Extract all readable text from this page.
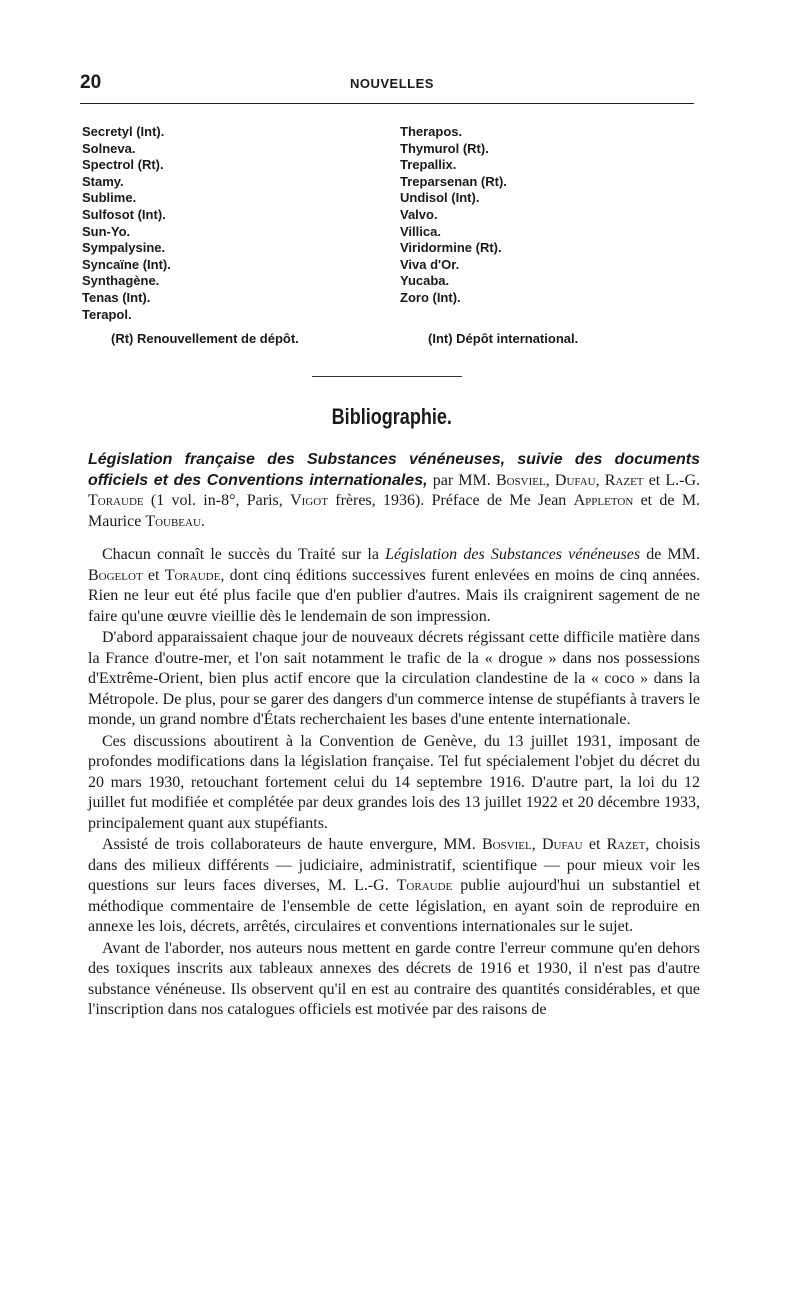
20	NOUVELLES
Secretyl (Int).
Solneva.
Spectrol (Rt).
Stamy.
Sublime.
Sulfosot (Int).
Sun-Yo.
Sympalysine.
Syncaïne (Int).
Synthagène.
Tenas (Int).
Terapol.
Therapos.
Thymurol (Rt).
Trepallix.
Treparsenan (Rt).
Undisol (Int).
Valvo.
Villica.
Viridormine (Rt).
Viva d'Or.
Yucaba.
Zoro (Int).
(Rt) Renouvellement de dépôt.	(Int) Dépôt international.
Bibliographie.

Législation française des Substances vénéneuses, suivie des documents officiels et des Conventions internationales, par MM. Bosviel, Dufau, Razet et L.-G. Toraude (1 vol. in-8°, Paris, Vigot frères, 1936). Préface de Me Jean Appleton et de M. Maurice Toubeau.

Chacun connaît le succès du Traité sur la Législation des Substances vénéneuses de MM. Bogelot et Toraude, dont cinq éditions successives furent enlevées en moins de cinq années. Rien ne leur eut été plus facile que d'en publier d'autres. Mais ils craignirent sagement de ne faire qu'une œuvre vieillie dès le lendemain de son impression.

D'abord apparaissaient chaque jour de nouveaux décrets régissant cette difficile matière dans la France d'outre-mer, et l'on sait notamment le trafic de la « drogue » dans nos possessions d'Extrême-Orient, bien plus actif encore que la circulation clandestine de la « coco » dans la Métropole. De plus, pour se garer des dangers d'un commerce intense de stupéfiants à travers le monde, un grand nombre d'États recherchaient les bases d'une entente internationale.

Ces discussions aboutirent à la Convention de Genève, du 13 juillet 1931, imposant de profondes modifications dans la législation française. Tel fut spécialement l'objet du décret du 20 mars 1930, retouchant fortement celui du 14 septembre 1916. D'autre part, la loi du 12 juillet fut modifiée et complétée par deux grandes lois des 13 juillet 1922 et 20 décembre 1933, principalement quant aux stupéfiants.

Assisté de trois collaborateurs de haute envergure, MM. Bosviel, Dufau et Razet, choisis dans des milieux différents — judiciaire, administratif, scientifique — pour mieux voir les questions sur leurs faces diverses, M. L.-G. Toraude publie aujourd'hui un substantiel et méthodique commentaire de l'ensemble de cette législation, en ayant soin de reproduire en annexe les lois, décrets, arrêtés, circulaires et conventions internationales sur le sujet.

Avant de l'aborder, nos auteurs nous mettent en garde contre l'erreur commune qu'en dehors des toxiques inscrits aux tableaux annexes des décrets de 1916 et 1930, il n'est pas d'autre substance vénéneuse. Ils observent qu'il en est au contraire des quantités considérables, et que l'inscription dans nos catalogues officiels est motivée par des raisons de
